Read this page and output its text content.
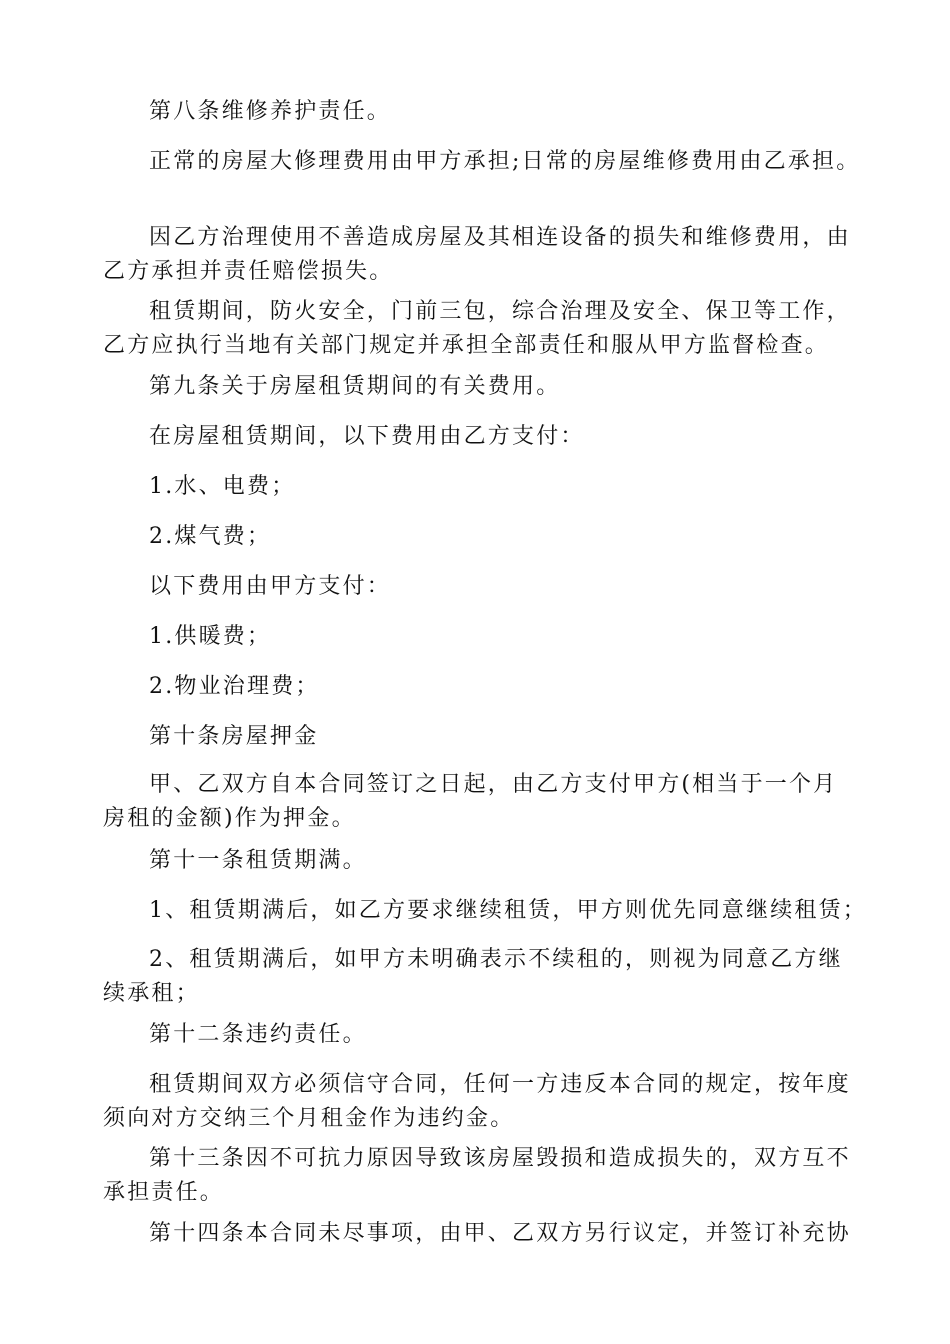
第八条维修养护责任。

正常的房屋大修理费用由甲方承担;日常的房屋维修费用由乙承担。

因乙方治理使用不善造成房屋及其相连设备的损失和维修费用，由
乙方承担并责任赔偿损失。

租赁期间，防火安全，门前三包，综合治理及安全、保卫等工作，
乙方应执行当地有关部门规定并承担全部责任和服从甲方监督检查。

第九条关于房屋租赁期间的有关费用。

在房屋租赁期间，以下费用由乙方支付：

1.水、电费；

2.煤气费；

以下费用由甲方支付：

1.供暖费；

2.物业治理费；

第十条房屋押金

甲、乙双方自本合同签订之日起，由乙方支付甲方(相当于一个月
房租的金额)作为押金。

第十一条租赁期满。

1、租赁期满后，如乙方要求继续租赁，甲方则优先同意继续租赁；

2、租赁期满后，如甲方未明确表示不续租的，则视为同意乙方继
续承租；

第十二条违约责任。

租赁期间双方必须信守合同，任何一方违反本合同的规定，按年度
须向对方交纳三个月租金作为违约金。

第十三条因不可抗力原因导致该房屋毁损和造成损失的，双方互不
承担责任。

第十四条本合同未尽事项，由甲、乙双方另行议定，并签订补充协
